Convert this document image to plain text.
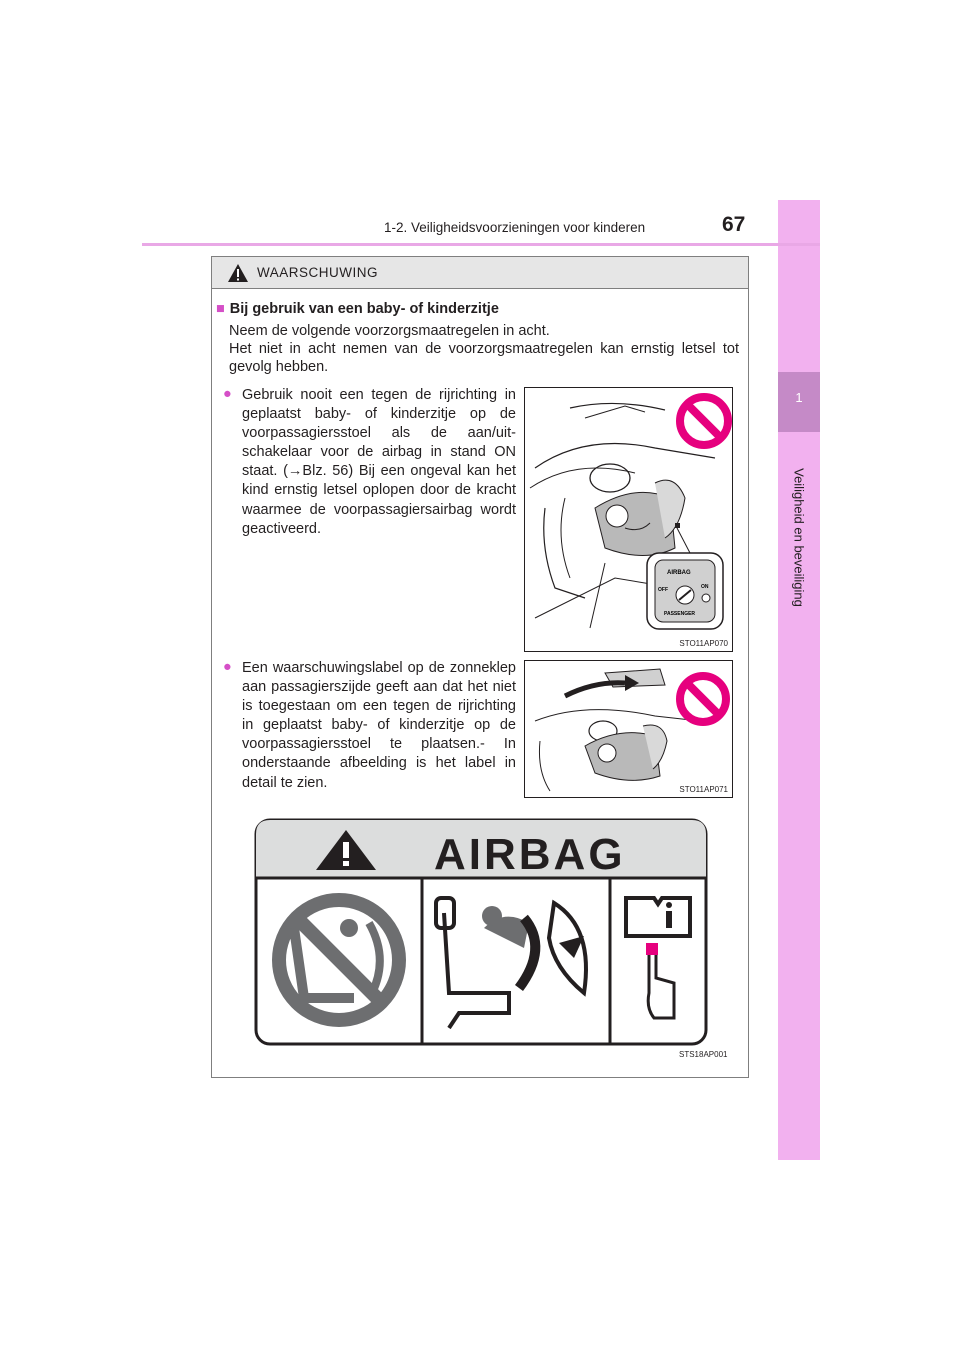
1
Veiligheid en beveiliging
1-2. Veiligheidsvoorzieningen voor kinderen	67
WAARSCHUWING
■ Bij gebruik van een baby- of kinderzitje
Neem de volgende voorzorgsmaatregelen in acht.
Het niet in acht nemen van de voorzorgsmaatregelen kan ernstig letsel tot gevolg hebben.
● Gebruik nooit een tegen de rijrichting in geplaatst baby- of kinderzitje op de voorpassagiersstoel als de aan/uit-schakelaar voor de airbag in stand ON staat. (→Blz. 56) Bij een ongeval kan het kind ernstig letsel oplopen door de kracht waarmee de voorpassagiersairbag wordt geactiveerd.
AIRBAG
OFF	ON
PASSENGER
STO11AP070
● Een waarschuwingslabel op de zonneklep aan passagierszijde geeft aan dat het niet is toegestaan om een tegen de rijrichting in geplaatst baby- of kinderzitje op de voorpassagiersstoel te plaatsen.- In onderstaande afbeelding is het label in detail te zien.	STO11AP071
AIRBAG
STS18AP001
